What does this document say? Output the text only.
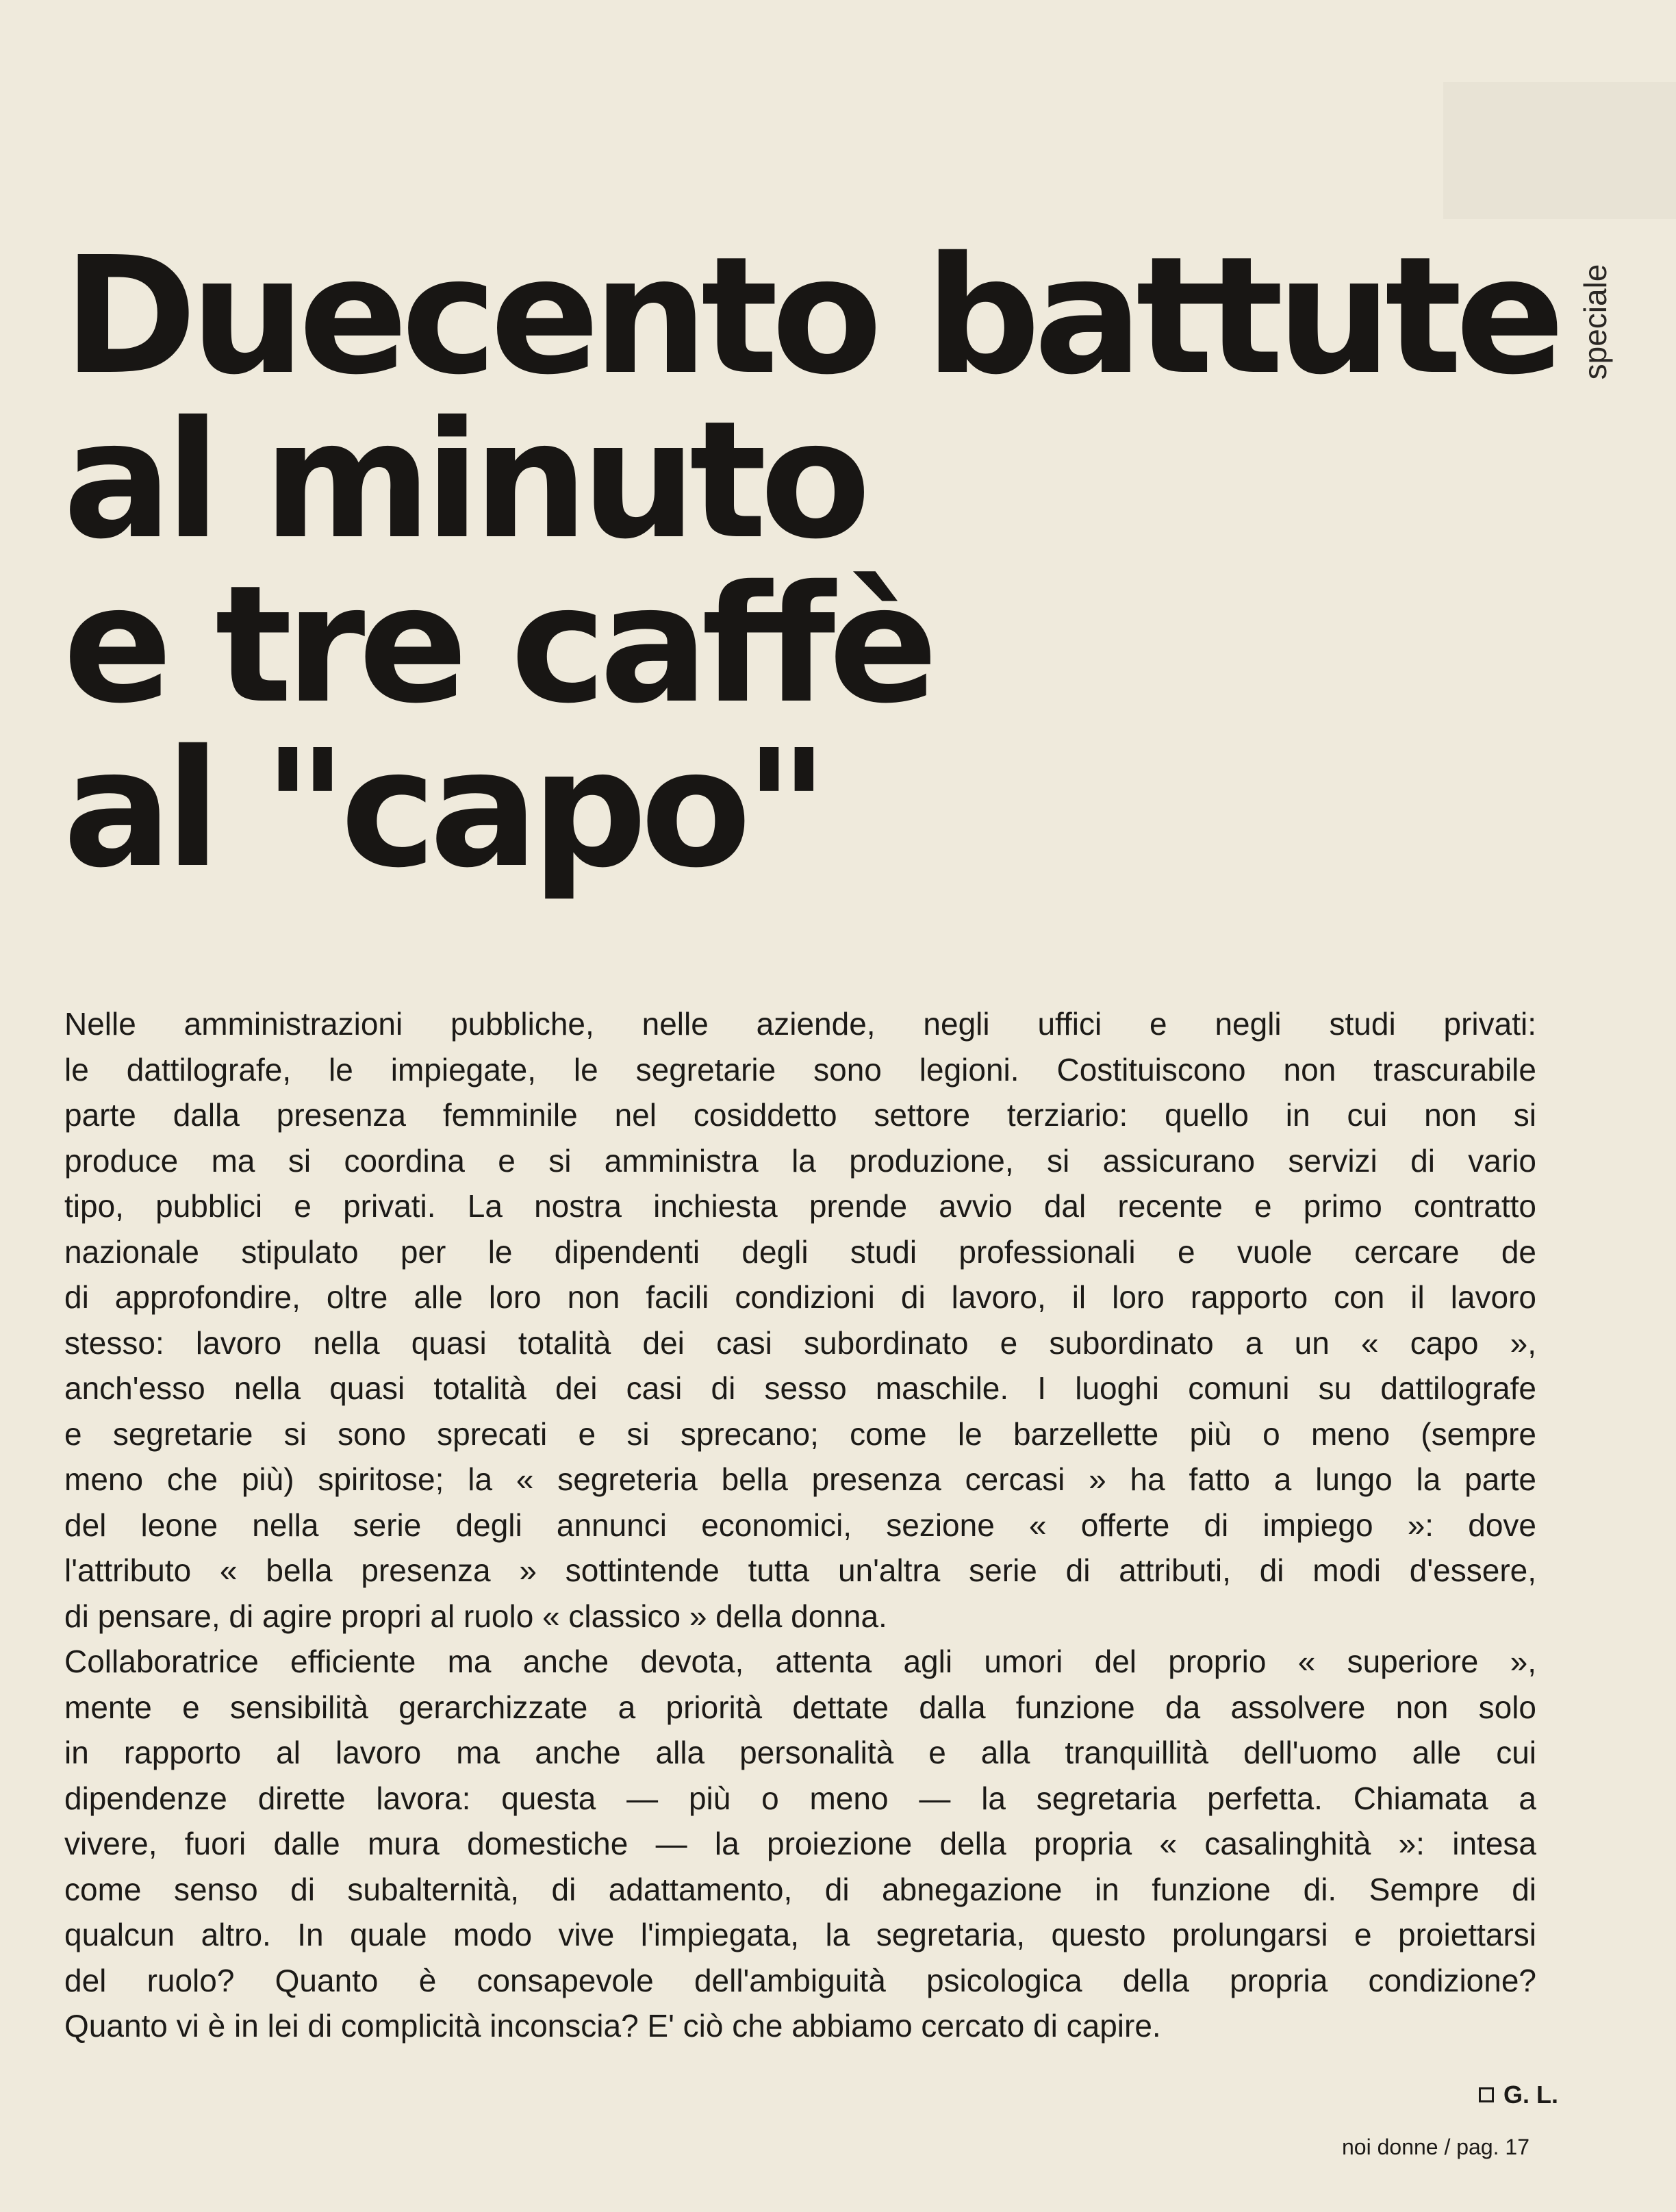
speciale
Duecento battute
al minuto
e tre caffè
al "capo"
Nelle amministrazioni pubbliche, nelle aziende, negli uffici e negli studi privati:
le dattilografe, le impiegate, le segretarie sono legioni. Costituiscono non trascurabile
parte dalla presenza femminile nel cosiddetto settore terziario: quello in cui non si
produce ma si coordina e si amministra la produzione, si assicurano servizi di vario
tipo, pubblici e privati. La nostra inchiesta prende avvio dal recente e primo contratto
nazionale stipulato per le dipendenti degli studi professionali e vuole cercare de
di approfondire, oltre alle loro non facili condizioni di lavoro, il loro rapporto con il lavoro
stesso: lavoro nella quasi totalità dei casi subordinato e subordinato a un « capo »,
anch'esso nella quasi totalità dei casi di sesso maschile. I luoghi comuni su dattilografe
e segretarie si sono sprecati e si sprecano; come le barzellette più o meno (sempre
meno che più) spiritose; la « segreteria bella presenza cercasi » ha fatto a lungo la parte
del leone nella serie degli annunci economici, sezione « offerte di impiego »: dove
l'attributo « bella presenza » sottintende tutta un'altra serie di attributi, di modi d'essere,
di pensare, di agire propri al ruolo « classico » della donna.
Collaboratrice efficiente ma anche devota, attenta agli umori del proprio « superiore »,
mente e sensibilità gerarchizzate a priorità dettate dalla funzione da assolvere non solo
in rapporto al lavoro ma anche alla personalità e alla tranquillità dell'uomo alle cui
dipendenze dirette lavora: questa — più o meno — la segretaria perfetta. Chiamata a
vivere, fuori dalle mura domestiche — la proiezione della propria « casalinghità »: intesa
come senso di subalternità, di adattamento, di abnegazione in funzione di. Sempre di
qualcun altro. In quale modo vive l'impiegata, la segretaria, questo prolungarsi e proiettarsi
del ruolo? Quanto è consapevole dell'ambiguità psicologica della propria condizione?
Quanto vi è in lei di complicità inconscia? E' ciò che abbiamo cercato di capire.
G. L.
noi donne / pag. 17
